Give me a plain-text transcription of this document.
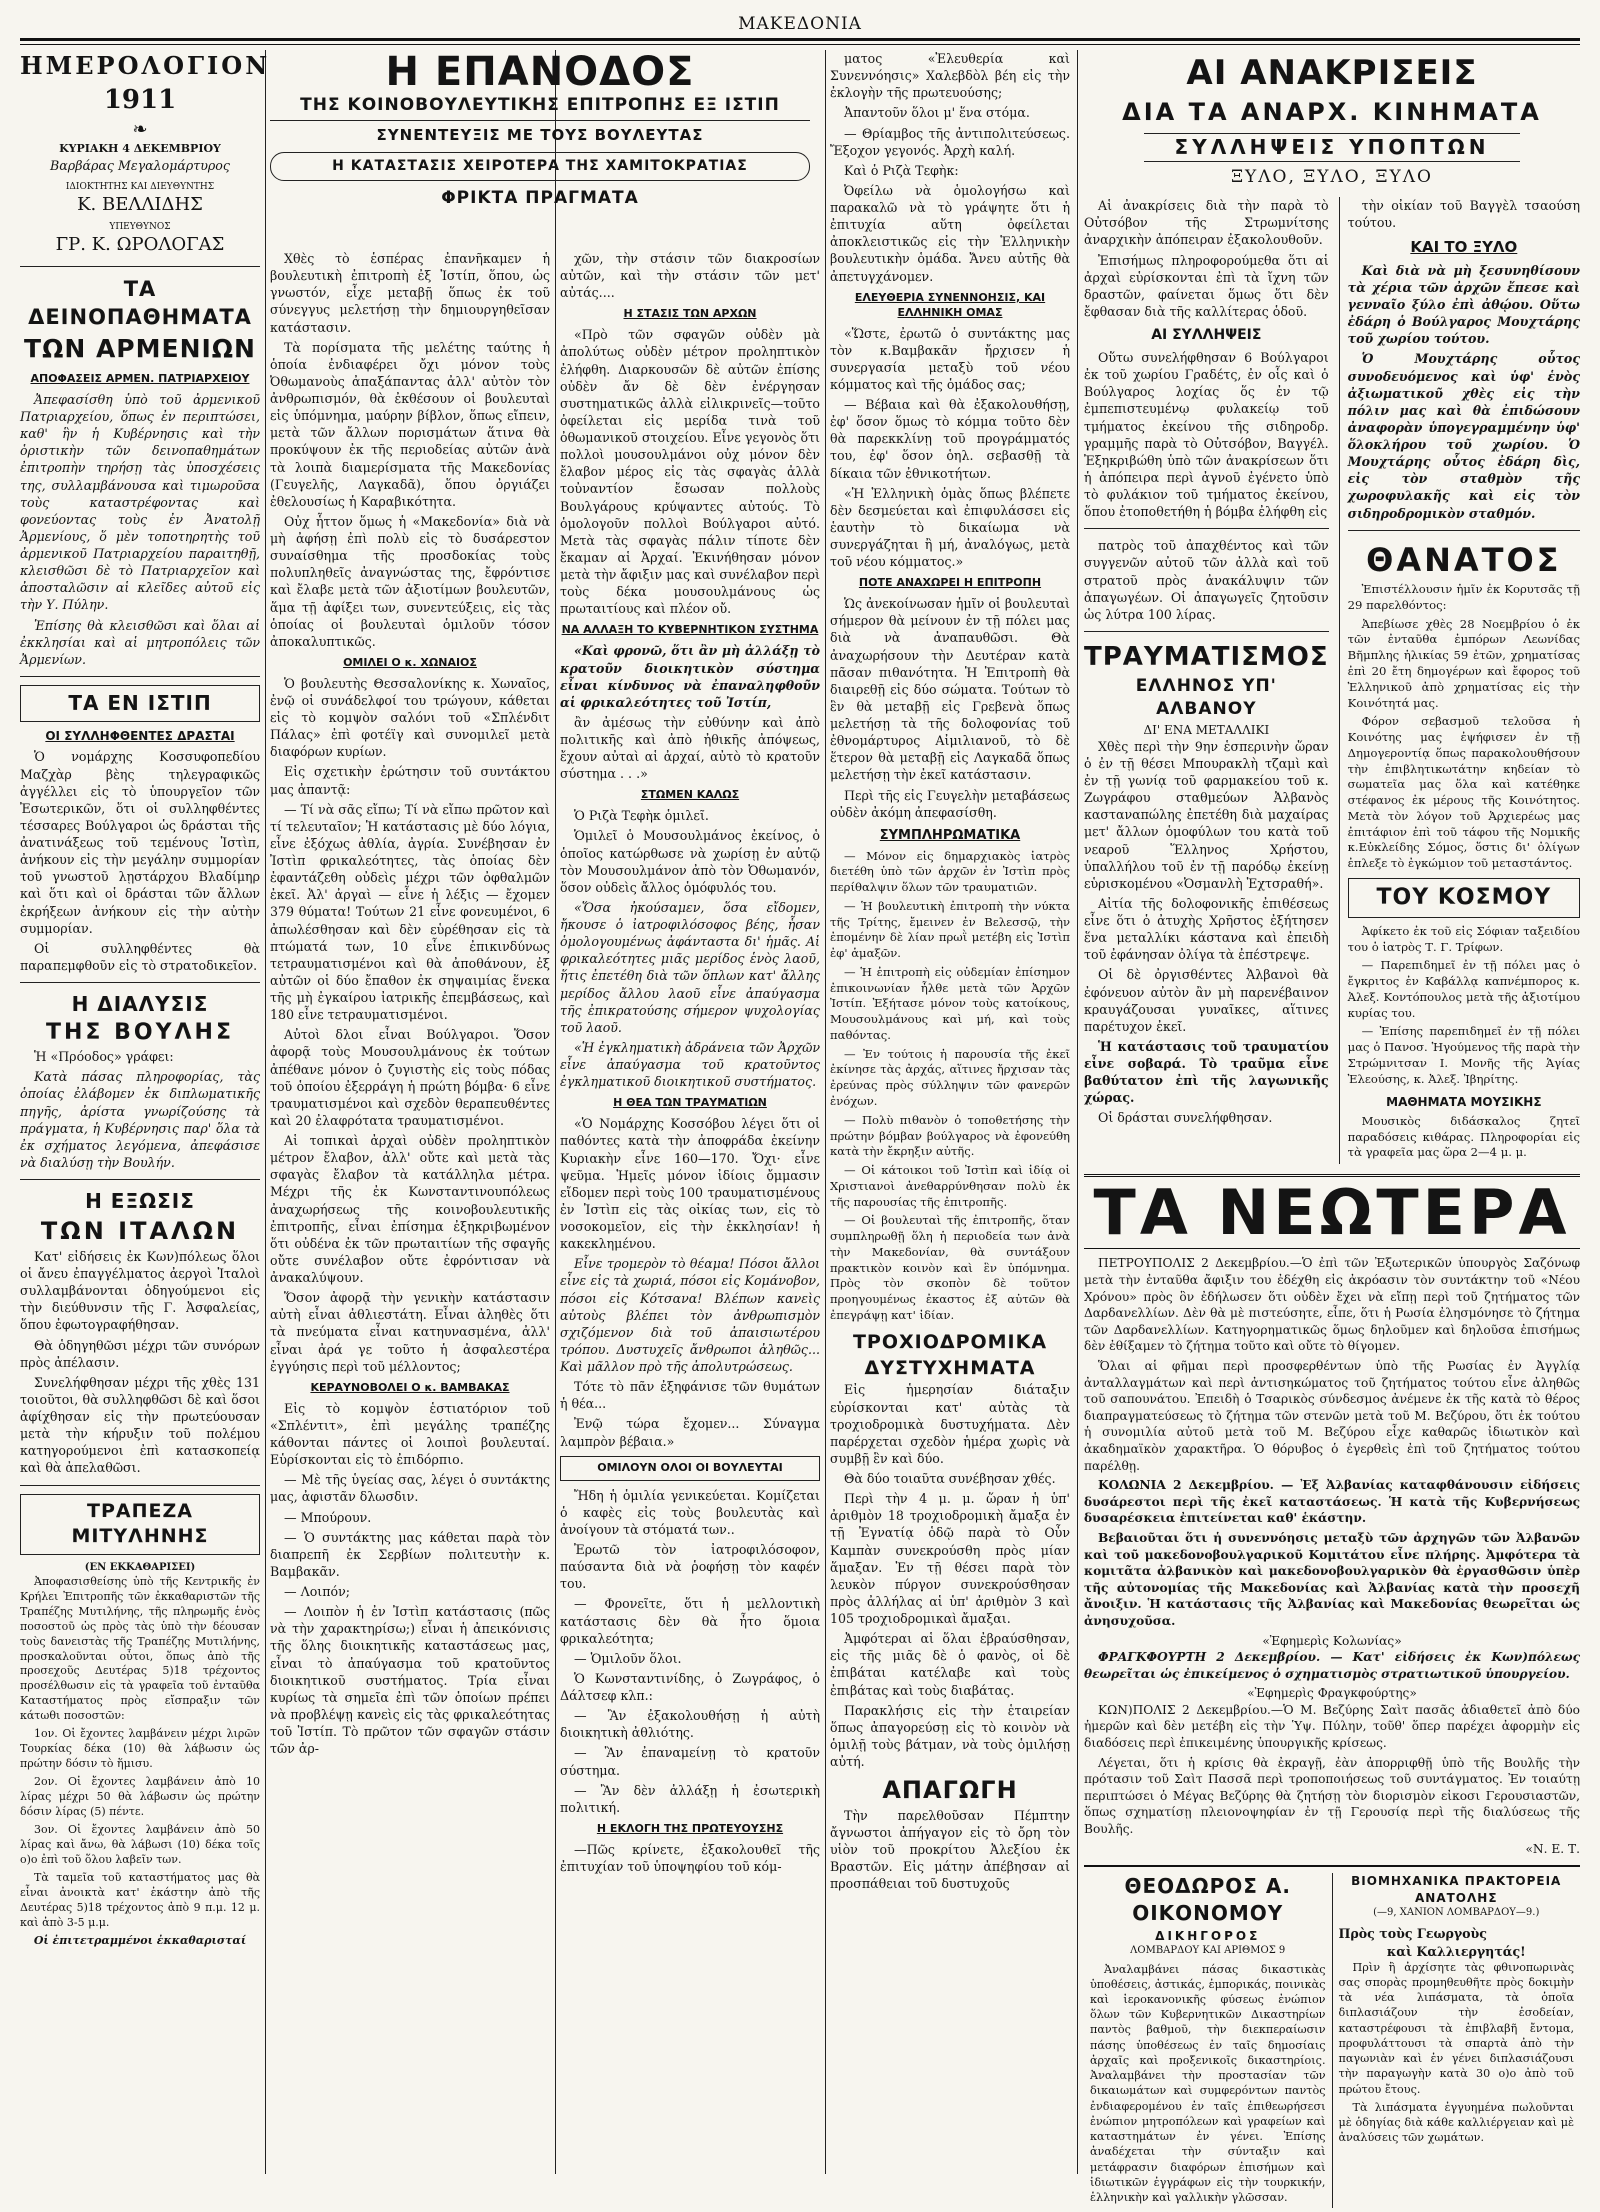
ΜΑΚΕΔΟΝΙΑ
ΗΜΕΡΟΛΟΓΙΟΝ
1911
❧
ΚΥΡΙΑΚΗ 4 ΔΕΚΕΜΒΡΙΟΥ
Βαρβάρας Μεγαλομάρτυρος
ΙΔΙΟΚΤΗΤΗΣ ΚΑΙ ΔΙΕΥΘΥΝΤΗΣ
Κ. ΒΕΛΛΙΔΗΣ
ΥΠΕΥΘΥΝΟΣ
ΓΡ. Κ. ΩΡΟΛΟΓΑΣ
ΤΑ ΔΕΙΝΟΠΑΘΗΜΑΤΑ
ΤΩΝ ΑΡΜΕΝΙΩΝ
ΑΠΟΦΑΣΕΙΣ ΑΡΜΕΝ. ΠΑΤΡΙΑΡΧΕΙΟΥ

Ἀπεφασίσθη ὑπὸ τοῦ ἀρμενικοῦ Πατριαρχείου, ὅπως ἐν περιπτώσει, καθ' ἣν ἡ Κυβέρνησις καὶ τὴν ὁριστικὴν τῶν δεινοπαθημάτων ἐπιτροπὴν τηρήσῃ τὰς ὑποσχέσεις της, συλλαμβάνουσα καὶ τιμωροῦσα τοὺς καταστρέφοντας καὶ φονεύοντας τοὺς ἐν Ἀνατολῇ Ἀρμενίους, ὅ μὲν τοποτηρητὴς τοῦ ἀρμενικοῦ Πατριαρχείου παραιτηθῇ, κλεισθῶσι δὲ τὸ Πατριαρχεῖον καὶ ἀποσταλῶσιν αἱ κλεῖδες αὐτοῦ εἰς τὴν Υ. Πύλην.

Ἐπίσης θὰ κλεισθῶσι καὶ ὅλαι αἱ ἐκκλησίαι καὶ αἱ μητροπόλεις τῶν Ἀρμενίων.

ΤΑ ΕΝ ΙΣΤΙΠ
ΟΙ ΣΥΛΛΗΦΘΕΝΤΕΣ ΔΡΑΣΤΑΙ

Ὁ νομάρχης Κοσσυφοπεδίου Μαζχὰρ βὲης τηλεγραφικῶς ἀγγέλλει εἰς τὸ ὑπουργεῖον τῶν Ἐσωτερικῶν, ὅτι οἱ συλληφθέντες τέσσαρες Βούλγαροι ὡς δράσται τῆς ἀνατινάξεως τοῦ τεμένους Ἰστὶπ, ἀνήκουν εἰς τὴν μεγάλην συμμορίαν τοῦ γνωστοῦ λῃστάρχου Βλαδίμηρ καὶ ὅτι καὶ οἱ δράσται τῶν ἄλλων ἐκρήξεων ἀνήκουν εἰς τὴν αὐτὴν συμμορίαν.

Οἱ συλληφθέντες θὰ παραπεμφθοῦν εἰς τὸ στρατοδικεῖον.

Η ΔΙΑΛΥΣΙΣ
ΤΗΣ ΒΟΥΛΗΣ

Ἡ «Πρόοδος» γράφει:

Κατὰ πάσας πληροφορίας, τὰς ὁποίας ἐλάβομεν ἐκ διπλωματικῆς πηγῆς, ἀρίστα γνωρίζούσης τὰ πράγματα, ἡ Κυβέρνησις παρ' ὅλα τὰ ἐκ σχήματος λεγόμενα, ἀπεφάσισε νὰ διαλύσῃ τὴν Βουλήν.

Η ΕΞΩΣΙΣ
ΤΩΝ ΙΤΑΛΩΝ

Κατ' εἰδήσεις ἐκ Κων)πόλεως ὅλοι οἱ ἄνευ ἐπαγγέλματος ἀεργοὶ Ἰταλοὶ συλλαμβάνονται ὁδηγούμενοι εἰς τὴν διεύθυνσιν τῆς Γ. Ἀσφαλείας, ὅπου ἐφωτογραφήθησαν.

Θὰ ὁδηγηθῶσι μέχρι τῶν συνόρων πρὸς ἀπέλασιν.

Συνελήφθησαν μέχρι τῆς χθὲς 131 τοιοῦτοι, θὰ συλληφθῶσι δὲ καὶ ὅσοι ἀφίχθησαν εἰς τὴν πρωτεύουσαν μετὰ τὴν κήρυξιν τοῦ πολέμου κατηγορούμενοι ἐπὶ κατασκοπείᾳ καὶ θὰ ἀπελαθῶσι.

ΤΡΑΠΕΖΑ ΜΙΤΥΛΗΝΗΣ
(ΕΝ ΕΚΚΑΘΑΡΙΣΕΙ)

Ἀποφασισθείσης ὑπὸ τῆς Κεντρικῆς ἐν Κρήλει Ἐπιτροπῆς τῶν ἐκκαθαριστῶν τῆς Τραπέζης Μυτιλήνης, τῆς πληρωμῆς ἑνὸς ποσοστοῦ ὡς πρὸς τὰς ὑπὸ τὴν δέουσαν τοὺς δανειστὰς τῆς Τραπέζης Μυτιλήνης, προσκαλοῦνται οὗτοι, ὅπως ἀπὸ τῆς προσεχοῦς Δευτέρας 5)18 τρέχοντος προσέλθωσιν εἰς τὰ γραφεῖα τοῦ ἐνταῦθα Καταστήματος πρὸς εἴσπραξιν τῶν κάτωθι ποσοστῶν:

1ον. Οἱ ἔχοντες λαμβάνειν μέχρι λιρῶν Τουρκίας δέκα (10) θὰ λάβωσιν ὡς πρώτην δόσιν τὸ ἥμισυ.

2ον. Οἱ ἔχοντες λαμβάνειν ἀπὸ 10 λίρας μέχρι 50 θὰ λάβωσιν ὡς πρώτην δόσιν λίρας (5) πέντε.

3ον. Οἱ ἔχοντες λαμβάνειν ἀπὸ 50 λίρας καὶ ἄνω, θὰ λάβωσι (10) δέκα τοῖς ο)ο ἐπὶ τοῦ ὅλου λαβεῖν των.

Τὰ ταμεῖα τοῦ καταστήματος μας θὰ εἶναι ἀνοικτὰ κατ' ἐκάστην ἀπὸ τῆς Δευτέρας 5)18 τρέχοντος ἀπὸ 9 π.μ. 12 μ. καὶ ἀπὸ 3-5 μ.μ.

Οἱ ἐπιτετραμμένοι ἐκκαθαρισταί

Η ΕΠΑΝΟΔΟΣ
ΤΗΣ ΚΟΙΝΟΒΟΥΛΕΥΤΙΚΗΣ ΕΠΙΤΡΟΠΗΣ ΕΞ ΙΣΤΙΠ
ΣΥΝΕΝΤΕΥΞΙΣ ΜΕ ΤΟΥΣ ΒΟΥΛΕΥΤΑΣ
Η ΚΑΤΑΣΤΑΣΙΣ ΧΕΙΡΟΤΕΡΑ ΤΗΣ ΧΑΜΙΤΟΚΡΑΤΙΑΣ
ΦΡΙΚΤΑ ΠΡΑΓΜΑΤΑ

Χθὲς τὸ ἑσπέρας ἐπανῆκαμεν ἡ βουλευτικὴ ἐπιτροπὴ ἐξ Ἰστίπ, ὅπου, ὡς γνωστόν, εἶχε μεταβῇ ὅπως ἐκ τοῦ σύνεγγυς μελετήσῃ τὴν δημιουργηθεῖσαν κατάστασιν.

Τὰ πορίσματα τῆς μελέτης ταύτης ἡ ὁποία ἐνδιαφέρει ὄχι μόνον τοὺς Ὀθωμανοὺς ἀπαξάπαντας ἀλλ' αὐτὸν τὸν ἀνθρωπισμόν, θὰ ἐκθέσουν οἱ βουλευταὶ εἰς ὑπόμνημα, μαύρην βίβλον, ὅπως εἴπειν, μετὰ τῶν ἄλλων πορισμάτων ἅτινα θὰ προκύψουν ἐκ τῆς περιοδείας αὐτῶν ἀνὰ τὰ λοιπὰ διαμερίσματα τῆς Μακεδονίας (Γευγελῆς, Λαγκαδᾶ), ὅπου ὀργιάζει ἐθελουσίως ἡ Καραβικότητα.

Οὐχ ἧττον ὅμως ἡ «Μακεδονία» διὰ νὰ μὴ ἀφήσῃ ἐπὶ πολὺ εἰς τὸ δυσάρεστον συναίσθημα τῆς προσδοκίας τοὺς πολυπληθεῖς ἀναγνώστας της, ἔφρόντισε καὶ ἔλαβε μετὰ τῶν ἀξιοτίμων βουλευτῶν, ἅμα τῇ ἀφίξει των, συνεντεύξεις, εἰς τὰς ὁποίας οἱ βουλευταὶ ὁμιλοῦν τόσον ἀποκαλυπτικῶς.

ΟΜΙΛΕΙ Ο κ. ΧΩΝΑΙΟΣ

Ὁ βουλευτὴς Θεσσαλονίκης κ. Χωναῖος, ἐνῷ οἱ συνάδελφοί του τρώγουν, κάθεται εἰς τὸ κομψὸν σαλόνι τοῦ «Σπλένδιτ Πάλας» ἐπὶ φοτέϊγ καὶ συνομιλεῖ μετὰ διαφόρων κυρίων.

Εἰς σχετικὴν ἐρώτησιν τοῦ συντάκτου μας ἀπαντᾷ:

— Τί νὰ σᾶς εἴπω; Τί νὰ εἴπω πρῶτον καὶ τί τελευταῖον; Ἡ κατάστασις μὲ δύο λόγια, εἶνε ἐξόχως ἀθλία, ἀγρία. Συνέβησαν ἐν Ἰστὶπ φρικαλεότητες, τὰς ὁποίας δὲν ἐφαντάζεθη οὐδεὶς μέχρι τῶν ὀφθαλμῶν ἐκεῖ. Ἀλ' ἀργαὶ — εἶνε ἡ λέξις — ἔχομεν 379 θύματα! Τούτων 21 εἶνε φονευμένοι, 6 ἀπωλέσθησαν καὶ δὲν εὑρέθησαν εἰς τὰ πτώματά των, 10 εἶνε ἐπικινδύνως τετραυματισμένοι καὶ θὰ ἀποθάνουν, ἐξ αὐτῶν οἱ δύο ἔπαθον ἐκ σηψαιμίας ἕνεκα τῆς μὴ ἐγκαίρου ἰατρικῆς ἐπεμβάσεως, καὶ 180 εἶνε τετραυματισμένοι.

Αὐτοὶ δλοι εἶναι Βούλγαροι. Ὅσον ἀφορᾷ τοὺς Μουσουλμάνους ἐκ τούτων ἀπέθανε μόνον ὁ ζυγιστὴς εἰς τοὺς πόδας τοῦ ὁποίου ἐξερράγη ἡ πρώτη βόμβα· 6 εἶνε τραυματισμένοι καὶ σχεδὸν θεραπευθέντες καὶ 20 ἐλαφρότατα τραυματισμένοι.

Αἱ τοπικαὶ ἀρχαὶ οὐδὲν προληπτικὸν μέτρον ἔλαβον, ἀλλ' οὔτε καὶ μετὰ τὰς σφαγὰς ἔλαβον τὰ κατάλληλα μέτρα. Μέχρι τῆς ἐκ Κωνσταντινουπόλεως ἀναχωρήσεως τῆς κοινοβουλευτικῆς ἐπιτροπῆς, εἶναι ἐπίσημα ἐξηκριβωμένον ὅτι οὐδένα ἐκ τῶν πρωταιτίων τῆς σφαγῆς οὔτε συνέλαβον οὔτε ἐφρόντισαν νὰ ἀνακαλύψουν.

Ὅσον ἀφορᾷ τὴν γενικὴν κατάστασιν αὐτὴ εἶναι ἀθλιεστάτη. Εἶναι ἀληθὲς ὅτι τὰ πνεύματα εἶναι κατηυνασμένα, ἀλλ' εἶναι ἀρά γε τοῦτο ἡ ἀσφαλεστέρα ἐγγύησις περὶ τοῦ μέλλοντος;

ΚΕΡΑΥΝΟΒΟΛΕΙ Ο κ. ΒΑΜΒΑΚΑΣ

Εἰς τὸ κομψὸν ἑστιατόριον τοῦ «Σπλέντιτ», ἐπὶ μεγάλης τραπέζης κάθονται πάντες οἱ λοιποὶ βουλευταί. Εὑρίσκονται εἰς τὸ ἐπιδόρπιο.

— Μὲ τῆς ὑγείας σας, λέγει ὁ συντάκτης μας, ἀφιστᾶν δλωσδιν.

— Μπούρουν.

— Ὁ συντάκτης μας κάθεται παρὰ τὸν διαπρεπῆ ἐκ Σερβίων πολιτευτὴν κ. Βαμβακᾶν.

— Λοιπόν;

— Λοιπὸν ἡ ἐν Ἰστὶπ κατάστασις (πῶς νὰ τὴν χαρακτηρίσω;) εἶναι ἡ ἀπεικόνισις τῆς ὅλης διοικητικῆς καταστάσεως μας, εἶναι τὸ ἀπαύγασμα τοῦ κρατοῦντος διοικητικοῦ συστήματος. Τρία εἶναι κυρίως τὰ σημεῖα ἐπὶ τῶν ὁποίων πρέπει νὰ προβλέψῃ κανεὶς εἰς τὰς φρικαλεότητας τοῦ Ἰστίπ. Τὸ πρῶτον τῶν σφαγῶν στάσιν τῶν ἀρ-

χῶν, τὴν στάσιν τῶν διακροσίων αὐτῶν, καὶ τὴν στάσιν τῶν μετ' αὐτάς....

Η ΣΤΑΣΙΣ ΤΩΝ ΑΡΧΩΝ

«Πρὸ τῶν σφαγῶν οὐδὲν μὰ ἀπολύτως οὐδὲν μέτρον προληπτικὸν ἐλήφθη. Διαρκουσῶν δὲ αὐτῶν ἐπίσης οὐδὲν ἄν δὲ δὲν ἐνέργησαν συστηματικῶς ἀλλὰ εἰλικρινεῖς—τοῦτο ὀφείλεται εἰς μερίδα τινὰ τοῦ ὀθωμανικοῦ στοιχείου. Εἶνε γεγονὸς ὅτι πολλοὶ μουσουλμάνοι οὐχ μόνον δὲν ἔλαβον μέρος εἰς τὰς σφαγὰς ἀλλὰ τοὐναντίον ἔσωσαν πολλοὺς Βουλγάρους κρύψαντες αὐτούς. Τὸ ὁμολογοῦν πολλοὶ Βούλγαροι αὐτό. Μετὰ τὰς σφαγὰς πάλιν τίποτε δὲν ἔκαμαν αἱ Ἀρχαί. Ἐκινήθησαν μόνον μετὰ τὴν ἄφιξιν μας καὶ συνέλαβον περὶ τοὺς δέκα μουσουλμάνους ὡς πρωταιτίους καὶ πλέον οὔ.

ΝΑ ΑΛΛΑΞΗ ΤΟ ΚΥΒΕΡΝΗΤΙΚΟΝ ΣΥΣΤΗΜΑ

«Καὶ φρονῶ, ὅτι ἂν μὴ ἀλλάξῃ τὸ κρατοῦν διοικητικὸν σύστημα εἶναι κίνδυνος νὰ ἐπαναληφθοῦν αἱ φρικαλεότητες τοῦ Ἰστίπ,

ἂν ἀμέσως τὴν εὐθύνην καὶ ἀπὸ πολιτικῆς καὶ ἀπὸ ἠθικῆς ἀπόψεως, ἔχουν αὐταὶ αἱ ἀρχαί, αὐτὸ τὸ κρατοῦν σύστημα . . .»

ΣΤΩΜΕΝ ΚΑΛΩΣ

Ὁ Ριζὰ Τεφὴκ ὁμιλεῖ.

Ὁμιλεῖ ὁ Μουσουλμάνος ἐκείνος, ὁ ὁποῖος κατώρθωσε νὰ χωρίσῃ ἐν αὐτῷ τὸν Μουσουλμάνον ἀπὸ τὸν Ὀθωμανόν, ὅσον οὐδεὶς ἄλλος ὁμόφυλός του.

«Ὅσα ἠκούσαμεν, ὅσα εἴδομεν, ἤκουσε ὁ ἰατροφιλόσοφος βέης, ἧσαν ὁμολογουμένως ἀφάνταστα δι' ἡμᾶς. Αἱ φρικαλεότητες μιᾶς μερίδος ἑνὸς λαοῦ, ἥτις ἐπετέθη διὰ τῶν ὅπλων κατ' ἄλλης μερίδος ἄλλου λαοῦ εἶνε ἀπαύγασμα τῆς ἐπικρατούσης σήμερον ψυχολογίας τοῦ λαοῦ.

«Ἡ ἐγκληματικὴ ἀδράνεια τῶν Ἀρχῶν εἶνε ἀπαύγασμα τοῦ κρατοῦντος ἐγκληματικοῦ διοικητικοῦ συστήματος.

Η ΘΕΑ ΤΩΝ ΤΡΑΥΜΑΤΙΩΝ

«Ὁ Νομάρχης Κοσσόβου λέγει ὅτι οἱ παθόντες κατὰ τὴν ἀποφράδα ἐκείνην Κυριακὴν εἶνε 160—170. Ὄχι· εἶνε ψεῦμα. Ἡμεῖς μόνον ἰδίοις ὄμμασιν εἴδομεν περὶ τοὺς 100 τραυματισμένους ἐν Ἰστὶπ εἰς τὰς οἰκίας των, εἰς τὸ νοσοκομεῖον, εἰς τὴν ἐκκλησίαν! ἡ κακεκλημένου.

Εἶνε τρομερὸν τὸ θέαμα! Πόσοι ἄλλοι εἶνε εἰς τὰ χωριά, πόσοι εἰς Κομάνοβον, πόσοι εἰς Κότσανα! Βλέπων κανεὶς αὐτοὺς βλέπει τὸν ἀνθρωπισμὸν σχιζόμενον διὰ τοῦ ἀπαισιωτέρου τρόπου. Δυστυχεῖς ἄνθρωποι ἀληθῶς... Καὶ μᾶλλον πρὸ τῆς ἀπολυτρώσεως.

Τότε τὸ πᾶν ἐξηφάνισε τῶν θυμάτων ἡ θέα...

Ἐνῷ τώρα ἔχομεν... Σύναγμα λαμπρὸν βέβαια.»

ΟΜΙΛΟΥΝ ΟΛΟΙ ΟΙ ΒΟΥΛΕΥΤΑΙ

Ἤδη ἡ ὁμιλία γενικεύεται. Κομίζεται ὁ καφὲς εἰς τοὺς βουλευτὰς καὶ ἀνοίγουν τὰ στόματά των..

Ἐρωτῶ τὸν ἰατροφιλόσοφον, παύσαντα διὰ νὰ ῥοφήσῃ τὸν καφέν του.

— Φρονεῖτε, ὅτι ἡ μελλοντικὴ κατάστασις δὲν θὰ ἦτο ὅμοια φρικαλεότητα;

— Ὁμιλοῦν ὅλοι.

Ὁ Κωνσταντινίδης, ὁ Ζωγράφος, ὁ Δάλτσεφ κλπ.:

— Ἂν ἐξακολουθήσῃ ἡ αὐτὴ διοικητικὴ ἀθλιότης.

— Ἂν ἐπαναμείνῃ τὸ κρατοῦν σύστημα.

— Ἂν δὲν ἀλλάξῃ ἡ ἐσωτερικὴ πολιτική.

Η ΕΚΛΟΓΗ ΤΗΣ ΠΡΩΤΕΥΟΥΣΗΣ

—Πῶς κρίνετε, ἐξακολουθεῖ τῆς ἐπιτυχίαν τοῦ ὑποψηφίου τοῦ κόμ-

ματος «Ἐλευθερία καὶ Συνεννόησις» Χαλεβδὸλ βέη εἰς τὴν ἐκλογὴν τῆς πρωτευούσης;

Ἀπαντοῦν ὅλοι μ' ἕνα στόμα.

— Θρίαμβος τῆς ἀντιπολιτεύσεως. Ἔξοχον γεγονός. Ἀρχὴ καλή.

Καὶ ὁ Ριζὰ Τεφὴκ:

Ὀφείλω νὰ ὁμολογήσω καὶ παρακαλῶ νὰ τὸ γράψητε ὅτι ἡ ἐπιτυχία αὕτη ὀφείλεται ἀποκλειστικῶς εἰς τὴν Ἑλληνικὴν βουλευτικὴν ὁμάδα. Ἄνευ αὐτῆς θὰ ἀπετυγχάνομεν.

ΕΛΕΥΘΕΡΙΑ ΣΥΝΕΝΝΟΗΣΙΣ, ΚΑΙ ΕΛΛΗΝΙΚΗ ΟΜΑΣ

«Ὥστε, ἐρωτῶ ὁ συντάκτης μας τὸν κ.Βαμβακᾶν ἤρχισεν ἡ συνεργασία μεταξὺ τοῦ νέου κόμματος καὶ τῆς ὁμάδος σας;

— Βέβαια καὶ θὰ ἐξακολουθήσῃ, ἐφ' ὅσον ὅμως τὸ κόμμα τοῦτο δὲν θὰ παρεκκλίνῃ τοῦ προγράμματός του, ἐφ' ὅσον ὁηλ. σεβασθῇ τὰ δίκαια τῶν ἐθνικοτήτων.

«Ἡ Ἑλληνικὴ ὁμὰς ὅπως βλέπετε δὲν δεσμεύεται καὶ ἐπιφυλάσσει εἰς ἑαυτὴν τὸ δικαίωμα νὰ συνεργάζηται ἢ μή, ἀναλόγως, μετὰ τοῦ νέου κόμματος.»

ΠΟΤΕ ΑΝΑΧΩΡΕΙ Η ΕΠΙΤΡΟΠΗ

Ὡς ἀνεκοίνωσαν ἡμῖν οἱ βουλευταὶ σήμερον θὰ μείνουν ἐν τῇ πόλει μας διὰ νὰ ἀναπαυθῶσι. Θὰ ἀναχωρήσουν τὴν Δευτέραν κατὰ πᾶσαν πιθανότητα. Ἡ Ἐπιτροπὴ θὰ διαιρεθῇ εἰς δύο σώματα. Τούτων τὸ ἓν θὰ μεταβῇ εἰς Γρεβενὰ ὅπως μελετήσῃ τὰ τῆς δολοφονίας τοῦ ἐθνομάρτυρος Αἰμιλιανοῦ, τὸ δὲ ἕτερον θὰ μεταβῇ εἰς Λαγκαδᾶ ὅπως μελετήσῃ τὴν ἐκεῖ κατάστασιν.

Περὶ τῆς εἰς Γευγελὴν μεταβάσεως οὐδὲν ἀκόμη ἀπεφασίσθη.

ΣΥΜΠΛΗΡΩΜΑΤΙΚΑ

— Μόνον εἰς δημαρχιακὸς ἰατρὸς διετέθη ὑπὸ τῶν ἀρχῶν ἐν Ἰστὶπ πρὸς περίθαλψιν ὅλων τῶν τραυματιῶν.

— Ἡ βουλευτικὴ ἐπιτροπὴ τὴν νύκτα τῆς Τρίτης, ἔμεινεν ἐν Βελεσσῷ, τὴν ἐπομένην δὲ λίαν πρωῒ μετέβη εἰς Ἰστὶπ ἐφ' ἁμαξῶν.

— Ἡ ἐπιτροπὴ εἰς οὐδεμίαν ἐπίσημον ἐπικοινωνίαν ἦλθε μετὰ τῶν Ἀρχῶν Ἰστίπ. Ἐξήτασε μόνον τοὺς κατοίκους, Μουσουλμάνους καὶ μή, καὶ τοὺς παθόντας.

— Ἐν τούτοις ἡ παρουσία τῆς ἐκεῖ ἐκίνησε τὰς ἀρχάς, αἵτινες ἤρχισαν τὰς ἐρεύνας πρὸς σύλληψιν τῶν φανερῶν ἐνόχων.

— Πολὺ πιθανὸν ὁ τοποθετήσης τὴν πρώτην βόμβαν βούλγαρος νὰ ἐφονεύθη κατὰ τὴν ἔκρηξιν αὐτῆς.

— Οἱ κάτοικοι τοῦ Ἰστὶπ καὶ ἰδίᾳ οἱ Χριστιανοὶ ἀνεθαρρύνθησαν πολὺ ἐκ τῆς παρουσίας τῆς ἐπιτροπῆς.

— Οἱ βουλευταὶ τῆς ἐπιτροπῆς, ὅταν συμπληρωθῇ ὅλη ἡ περιοδεία των ἀνὰ τὴν Μακεδονίαν, θὰ συντάξουν πρακτικὸν κοινὸν καὶ ἓν ὑπόμνημα. Πρὸς τὸν σκοπὸν δὲ τοῦτον προηγουμένως ἐκαστος ἐξ αὐτῶν θὰ ἐπεγράψῃ κατ' ἰδίαν.

ΤΡΟΧΙΟΔΡΟΜΙΚΑ ΔΥΣΤΥΧΗΜΑΤΑ

Εἰς ἡμερησίαν διάταξιν εὑρίσκονται κατ' αὐτὰς τὰ τροχιοδρομικὰ δυστυχήματα. Δὲν παρέρχεται σχεδὸν ἡμέρα χωρὶς νὰ συμβῇ ἓν καὶ δύο.

Θὰ δύο τοιαῦτα συνέβησαν χθές.

Περὶ τὴν 4 μ. μ. ὥραν ἡ ὑπ' ἀριθμὸν 18 τροχιοδρομικὴ ἄμαξα ἐν τῇ Ἐγνατίᾳ ὁδῷ παρὰ τὸ Οὖν Καμπὰν συνεκρούσθη πρὸς μίαν ἅμαξαν. Ἐν τῇ θέσει παρὰ τὸν λευκὸν πύργον συνεκρούσθησαν πρὸς ἀλλήλας αἱ ὑπ' ἀριθμὸν 3 καὶ 105 τροχιοδρομικαὶ ἄμαξαι.

Ἀμφότεραι αἱ ὅλαι ἐβραύσθησαν, εἰς τῆς μιᾶς δὲ ὁ φανὸς, οἱ δὲ ἐπιβάται κατέλαβε καὶ τοὺς ἐπιβάτας καὶ τοὺς διαβάτας.

Παρακλήσις εἰς τὴν ἑταιρείαν ὅπως ἀπαγορεύσῃ εἰς τὸ κοινὸν νὰ ὁμιλῇ τοὺς βάτμαν, νὰ τοὺς ὁμιλήσῃ αὐτή.

ΑΠΑΓΩΓΗ

Τὴν παρελθοῦσαν Πέμπτην ἄγνωστοι ἀπήγαγον εἰς τὸ ὄρη τὸν υἱὸν τοῦ προκρίτου Ἀλεξίου ἐκ Βραστῶν. Εἰς μάτην ἀπέβησαν αἱ προσπάθειαι τοῦ δυστυχοῦς

ΑΙ ΑΝΑΚΡΙΣΕΙΣ
ΔΙΑ ΤΑ ΑΝΑΡΧ. ΚΙΝΗΜΑΤΑ
ΣΥΛΛΗΨΕΙΣ ΥΠΟΠΤΩΝ
ΞΥΛΟ, ΞΥΛΟ, ΞΥΛΟ

Αἱ ἀνακρίσεις διὰ τὴν παρὰ τὸ Οὐτσόβον τῆς Στρωμνίτσης ἀναρχικὴν ἀπόπειραν ἐξακολουθοῦν.

Ἐπισήμως πληροφορούμεθα ὅτι αἱ ἀρχαὶ εὑρίσκονται ἐπὶ τὰ ἴχνη τῶν δραστῶν, φαίνεται ὅμως ὅτι δὲν ἔφθασαν διὰ τῆς καλλίτερας ὁδοῦ.

ΑΙ ΣΥΛΛΗΨΕΙΣ

Οὕτω συνελήφθησαν 6 Βούλγαροι ἐκ τοῦ χωρίου Γραδέτς, ἐν οἷς καὶ ὁ Βούλγαρος λοχίας ὅς ἐν τῷ ἐμπεπιστευμένῳ φυλακείῳ τοῦ τμήματος ἐκείνου τῆς σιδηροδρ. γραμμῆς παρὰ τὸ Οὐτσόβον, Βαγγέλ. Ἐξηκριβώθη ὑπὸ τῶν ἀνακρίσεων ὅτι ἡ ἀπόπειρα περὶ ἀγνοῦ ἐγένετο ὑπὸ τὸ φυλάκιον τοῦ τμήματος ἐκείνου, ὅπου ἐτοποθετήθη ἡ βόμβα ἐλήφθη εἰς

πατρὸς τοῦ ἀπαχθέντος καὶ τῶν συγγενῶν αὐτοῦ τῶν ἀλλὰ καὶ τοῦ στρατοῦ πρὸς ἀνακάλυψιν τῶν ἀπαγωγέων. Οἱ ἀπαγωγεῖς ζητοῦσιν ὡς λύτρα 100 λίρας.

ΤΡΑΥΜΑΤΙΣΜΟΣ
ΕΛΛΗΝΟΣ ΥΠ' ΑΛΒΑΝΟΥ
ΔΙ' ΕΝΑ ΜΕΤΑΛΛΙΚΙ

Χθὲς περὶ τὴν 9ην ἑσπερινὴν ὥραν ὁ ἐν τῇ θέσει Μπουρακλὴ τζαμὶ καὶ ἐν τῇ γωνίᾳ τοῦ φαρμακείου τοῦ κ. Ζωγράφου σταθμεύων Ἀλβανὸς κασταναπώλης ἐπετέθη διὰ μαχαίρας μετ' ἄλλων ὁμοφύλων του κατὰ τοῦ νεαροῦ Ἕλληνος Χρήστου, ὑπαλλήλου τοῦ ἐν τῇ παρόδῳ ἐκείνῃ εὑρισκομένου «Ὀσμανλὴ Ἐχτσραθή».

Αἰτία τῆς δολοφονικῆς ἐπιθέσεως εἶνε ὅτι ὁ ἀτυχὴς Χρῆστος ἐξήτησεν ἕνα μεταλλίκι κάστανα καὶ ἐπειδὴ τοῦ ἐφάνησαν ὀλίγα τὰ ἐπέστρεψε.

Οἱ δὲ ὀργισθέντες Ἀλβανοὶ θὰ ἐφόνευον αὐτὸν ἂν μὴ παρενέβαινον κραυγάζουσαι γυναῖκες, αἵτινες παρέτυχον ἐκεῖ.

Ἡ κατάστασις τοῦ τραυματίου εἶνε σοβαρά. Τὸ τραῦμα εἶνε βαθύτατον ἐπὶ τῆς λαγωνικῆς χώρας.

Οἱ δράσται συνελήφθησαν.

τὴν οἰκίαν τοῦ Βαγγὲλ τσαούση τούτου.

ΚΑΙ ΤΟ ΞΥΛΟ

Καὶ διὰ νὰ μὴ ξεσυνηθίσουν τὰ χέρια τῶν ἀρχῶν ἔπεσε καὶ γενναῖο ξύλο ἐπὶ ἀθῴου. Οὕτω ἐδάρη ὁ Βούλγαρος Μουχτάρης τοῦ χωρίου τούτου.

Ὁ Μουχτάρης οὗτος συνοδευόμενος καὶ ὑφ' ἑνὸς ἀξιωματικοῦ χθὲς εἰς τὴν πόλιν μας καὶ θὰ ἐπιδώσουν ἀναφορὰν ὑπογεγραμμένην ὑφ' ὅλοκλήρου τοῦ χωρίου. Ὁ Μουχτάρης οὗτος ἐδάρη δὶς, εἰς τὸν σταθμὸν τῆς χωροφυλακῆς καὶ εἰς τὸν σιδηροδρομικὸν σταθμόν.

ΘΑΝΑΤΟΣ

Ἐπιστέλλουσιν ἡμῖν ἐκ Κορυτσᾶς τῇ 29 παρελθόντος:

Ἀπεβίωσε χθὲς 28 Νοεμβρίου ὁ ἐκ τῶν ἐνταῦθα ἐμπόρων Λεωνίδας Βῆμπλης ἡλικίας 59 ἐτῶν, χρηματίσας ἐπὶ 20 ἔτη δημογέρων καὶ ἔφορος τοῦ Ἑλληνικοῦ ἀπὸ χρηματίσας εἰς τὴν Κοινότητά μας.

Φόρον σεβασμοῦ τελοῦσα ἡ Κοινότης μας ἐψήφισεν ἐν τῇ Δημογεροντίᾳ ὅπως παρακολουθήσουν τὴν ἐπιβλητικωτάτην κηδείαν τὸ σωματεῖα μας ὅλα καὶ κατέθηκε στέφανος ἐκ μέρους τῆς Κοινότητος. Μετὰ τὸν λόγον τοῦ Ἀρχιερέως μας ἐπιτάφιον ἐπὶ τοῦ τάφου τῆς Νομικῆς κ.Εὐκλείδης Σόμος, ὅστις δι' ὀλίγων ἐπλεξε τὸ ἐγκώμιον τοῦ μεταστάντος.

ΤΟΥ ΚΟΣΜΟΥ

Ἀφίκετο ἐκ τοῦ εἰς Σόφιαν ταξειδίου του ὁ ἰατρὸς Τ. Γ. Τρίφων.

— Παρεπιδημεῖ ἐν τῇ πόλει μας ὁ ἔγκριτος ἐν Καβάλλᾳ καπνέμπορος κ. Ἀλεξ. Κοντόπουλος μετὰ τῆς ἀξιοτίμου κυρίας του.

— Ἐπίσης παρεπιδημεῖ ἐν τῇ πόλει μας ὁ Πανοσ. Ἡγούμενος τῆς παρὰ τὴν Στρώμνιτσαν Ι. Μονῆς τῆς Ἁγίας Ἐλεούσης, κ. Ἀλεξ. Ἰβηρίτης.

ΜΑΘΗΜΑΤΑ ΜΟΥΣΙΚΗΣ

Μουσικὸς διδάσκαλος ζητεῖ παραδόσεις κιθάρας. Πληροφορίαι εἰς τὰ γραφεῖα μας ὥρα 2—4 μ. μ.

ΤΑ ΝΕΩΤΕΡΑ

ΠΕΤΡΟΥΠΟΛΙΣ 2 Δεκεμβρίου.—Ὁ ἐπὶ τῶν Ἐξωτερικῶν ὑπουργὸς Σαζόνωφ μετὰ τὴν ἐνταῦθα ἄφιξιν του ἐδέχθη εἰς ἀκρόασιν τὸν συντάκτην τοῦ «Νέου Χρόνου» πρὸς ὃν ἐδήλωσεν ὅτι οὐδὲν ἔχει νὰ εἴπῃ περὶ τοῦ ζητήματος τῶν Δαρδανελλίων. Δὲν θὰ μὲ πιστεύσητε, εἶπε, ὅτι ἡ Ρωσία ἐλησμόνησε τὸ ζήτημα τῶν Δαρδανελλίων. Κατηγορηματικῶς ὅμως δηλοῦμεν καὶ δηλοῦσα ἐπισήμως δὲν ἐθίξαμεν τὸ ζήτημα τοῦτο καὶ οὔτε τὸ θίγομεν.

Ὅλαι αἱ φῆμαι περὶ προσφερθέντων ὑπὸ τῆς Ρωσίας ἐν Ἀγγλίᾳ ἀνταλλαγμάτων καὶ περὶ ἀντισηκώματος τοῦ ζητήματος τούτου εἶνε ἀληθῶς τοῦ σαπουνάτου. Ἐπειδὴ ὁ Τσαρικὸς σύνδεσμος ἀνέμενε ἐκ τῆς κατὰ τὸ θέρος διαπραγματεύσεως τὸ ζήτημα τῶν στενῶν μετὰ τοῦ Μ. Βεζύρου, ὅτι ἐκ τούτου ἡ συνομιλία αὐτοῦ μετὰ τοῦ Μ. Βεζύρου εἶχε καθαρῶς ἰδιωτικὸν καὶ ἀκαδημαϊκὸν χαρακτῆρα. Ὁ θόρυβος ὁ ἐγερθεὶς ἐπὶ τοῦ ζητήματος τούτου παρέλθῃ.

ΚΟΛΩΝΙΑ 2 Δεκεμβρίου. — Ἐξ Ἀλβανίας καταφθάνουσιν εἰδήσεις δυσάρεστοι περὶ τῆς ἐκεῖ καταστάσεως. Ἡ κατὰ τῆς Κυβερνήσεως δυσαρέσκεια ἐπιτείνεται καθ' ἑκάστην.

Βεβαιοῦται ὅτι ἡ συνεννόησις μεταξὺ τῶν ἀρχηγῶν τῶν Ἀλβανῶν καὶ τοῦ μακεδονοβουλγαρικοῦ Κομιτάτου εἶνε πλήρης. Ἀμφότερα τὰ κομιτᾶτα ἀλβανικὸν καὶ μακεδονοβουλγαρικὸν θὰ ἐργασθῶσιν ὑπὲρ τῆς αὐτονομίας τῆς Μακεδονίας καὶ Ἀλβανίας κατὰ τὴν προσεχῆ ἄνοιξιν. Ἡ κατάστασις τῆς Ἀλβανίας καὶ Μακεδονίας θεωρεῖται ὡς ἀνησυχοῦσα.

«Ἐφημερὶς Κολωνίας»

ΦΡΑΓΚΦΟΥΡΤΗ 2 Δεκεμβρίου. — Κατ' εἰδήσεις ἐκ Κων)πόλεως θεωρεῖται ὡς ἐπικείμενος ὁ σχηματισμὸς στρατιωτικοῦ ὑπουργείου.

«Ἐφημερὶς Φραγκφούρτης»

ΚΩΝ)ΠΟΛΙΣ 2 Δεκεμβρίου.—Ὁ Μ. Βεζύρης Σαὶτ πασᾶς ἀδιαθετεῖ ἀπὸ δύο ἡμερῶν καὶ δὲν μετέβη εἰς τὴν Ὑψ. Πύλην, τοῦθ' ὅπερ παρέχει ἀφορμὴν εἰς διαδόσεις περὶ ἐπικειμένης ὑπουργικῆς κρίσεως.

Λέγεται, ὅτι ἡ κρίσις θὰ ἐκραγῇ, ἐὰν ἀπορριφθῇ ὑπὸ τῆς Βουλῆς τὴν πρότασιν τοῦ Σαὶτ Πασσᾶ περὶ τροποποιήσεως τοῦ συντάγματος. Ἐν τοιαύτῃ περιπτώσει ὁ Μέγας Βεζύρης θὰ ζητήσῃ τὸν διορισμὸν εἰκοσι Γερουσιαστῶν, ὅπως σχηματίσῃ πλειονοψηφίαν ἐν τῇ Γερουσίᾳ περὶ τῆς διαλύσεως τῆς Βουλῆς.

«Ν. Ε. Τ.

ΘΕΟΔΩΡΟΣ Α. ΟΙΚΟΝΟΜΟΥ
ΔΙΚΗΓΟΡΟΣ
ΛΟΜΒΑΡΔΟΥ ΚΑΙ ΑΡΙΘΜΟΣ 9

Ἀναλαμβάνει πάσας δικαστικὰς ὑποθέσεις, ἀστικάς, ἐμπορικάς, ποινικὰς καὶ ἱεροκανονικῆς φύσεως ἐνώπιον ὅλων τῶν Κυβερνητικῶν Δικαστηρίων παντὸς βαθμοῦ, τὴν διεκπεραίωσιν πάσης ὑποθέσεως ἐν ταῖς δημοσίαις ἀρχαῖς καὶ προξενικοῖς δικαστηρίοις. Ἀναλαμβάνει τὴν προστασίαν τῶν δικαιωμάτων καὶ συμφερόντων παντὸς ἐνδιαφερομένου ἐν ταῖς ἐπιθεωρήσεσι ἐνώπιον μητροπόλεων καὶ γραφείων καὶ καταστημάτων ἐν γένει. Ἐπίσης ἀναδέχεται τὴν σύνταξιν καὶ μετάφρασιν διαφόρων ἐπισήμων καὶ ἰδιωτικῶν ἐγγράφων εἰς τὴν τουρκικήν, ἑλληνικὴν καὶ γαλλικὴν γλῶσσαν.

ΒΙΟΜΗΧΑΝΙΚΑ ΠΡΑΚΤΟΡΕΙΑ ΑΝΑΤΟΛΗΣ
(—9, ΧΑΝΙΟΝ ΛΟΜΒΑΡΔΟΥ—9.)

Πρὸς τοὺς Γεωργοὺς

καὶ Καλλιεργητάς!

Πρὶν ἢ ἀρχίσητε τὰς φθινοπωρινὰς σας σπορὰς προμηθευθῆτε πρὸς δοκιμὴν τὰ νέα λιπάσματα, τὰ ὁποῖα διπλασιάζουν τὴν ἐσοδείαν, καταστρέφουσι τὰ ἐπιβλαβῆ ἔντομα, προφυλάττουσι τὰ σπαρτὰ ἀπὸ τὴν παγωνιὰν καὶ ἐν γένει διπλασιάζουσι τὴν παραγωγὴν κατὰ 30 ο)ο ἀπὸ τοῦ πρώτου ἔτους.

Τὰ λιπάσματα ἐγγυημένα πωλοῦνται μὲ ὁδηγίας διὰ κάθε καλλιέργειαν καὶ μὲ ἀναλύσεις τῶν χωμάτων.
